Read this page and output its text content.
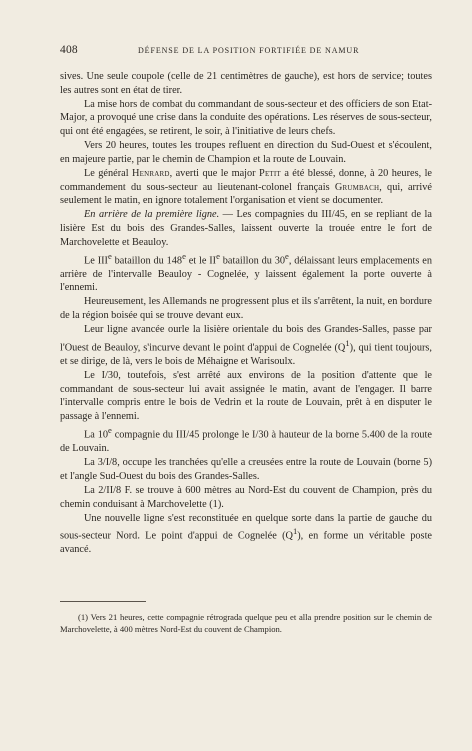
408	DÉFENSE DE LA POSITION FORTIFIÉE DE NAMUR

sives. Une seule coupole (celle de 21 centimètres de gauche), est hors de service; toutes les autres sont en état de tirer.

La mise hors de combat du commandant de sous-secteur et des officiers de son Etat-Major, a provoqué une crise dans la conduite des opérations. Les réserves de sous-secteur, qui ont été engagées, se retirent, le soir, à l'initiative de leurs chefs.

Vers 20 heures, toutes les troupes refluent en direction du Sud-Ouest et s'écoulent, en majeure partie, par le chemin de Champion et la route de Louvain.

Le général Henrard, averti que le major Petit a été blessé, donne, à 20 heures, le commandement du sous-secteur au lieutenant-colonel français Grumbach, qui, arrivé seulement le matin, en ignore totalement l'organisation et vient se documenter.

En arrière de la première ligne. — Les compagnies du III/45, en se repliant de la lisière Est du bois des Grandes-Salles, laissent ouverte la trouée entre le fort de Marchovelette et Beauloy.

Le IIIe bataillon du 148e et le IIe bataillon du 30e, délaissant leurs emplacements en arrière de l'intervalle Beauloy - Cognelée, y laissent également la porte ouverte à l'ennemi.

Heureusement, les Allemands ne progressent plus et ils s'arrêtent, la nuit, en bordure de la région boisée qui se trouve devant eux.

Leur ligne avancée ourle la lisière orientale du bois des Grandes-Salles, passe par l'Ouest de Beauloy, s'incurve devant le point d'appui de Cognelée $(Q^1)$, qui tient toujours, et se dirige, de là, vers le bois de Méhaigne et Warisoulx.

Le I/30, toutefois, s'est arrêté aux environs de la position d'attente que le commandant de sous-secteur lui avait assignée le matin, avant de l'engager. Il barre l'intervalle compris entre le bois de Vedrin et la route de Louvain, prêt à en disputer le passage à l'ennemi.

La 10e compagnie du III/45 prolonge le I/30 à hauteur de la borne 5.400 de la route de Louvain.

La 3/I/8, occupe les tranchées qu'elle a creusées entre la route de Louvain (borne 5) et l'angle Sud-Ouest du bois des Grandes-Salles.

La 2/II/8 F. se trouve à 600 mètres au Nord-Est du couvent de Champion, près du chemin conduisant à Marchovelette (1).

Une nouvelle ligne s'est reconstituée en quelque sorte dans la partie de gauche du sous-secteur Nord. Le point d'appui de Cognelée $(Q^1)$, en forme un véritable poste avancé.

(1) Vers 21 heures, cette compagnie rétrograda quelque peu et alla prendre position sur le chemin de Marchovelette, à 400 mètres Nord-Est du couvent de Champion.
